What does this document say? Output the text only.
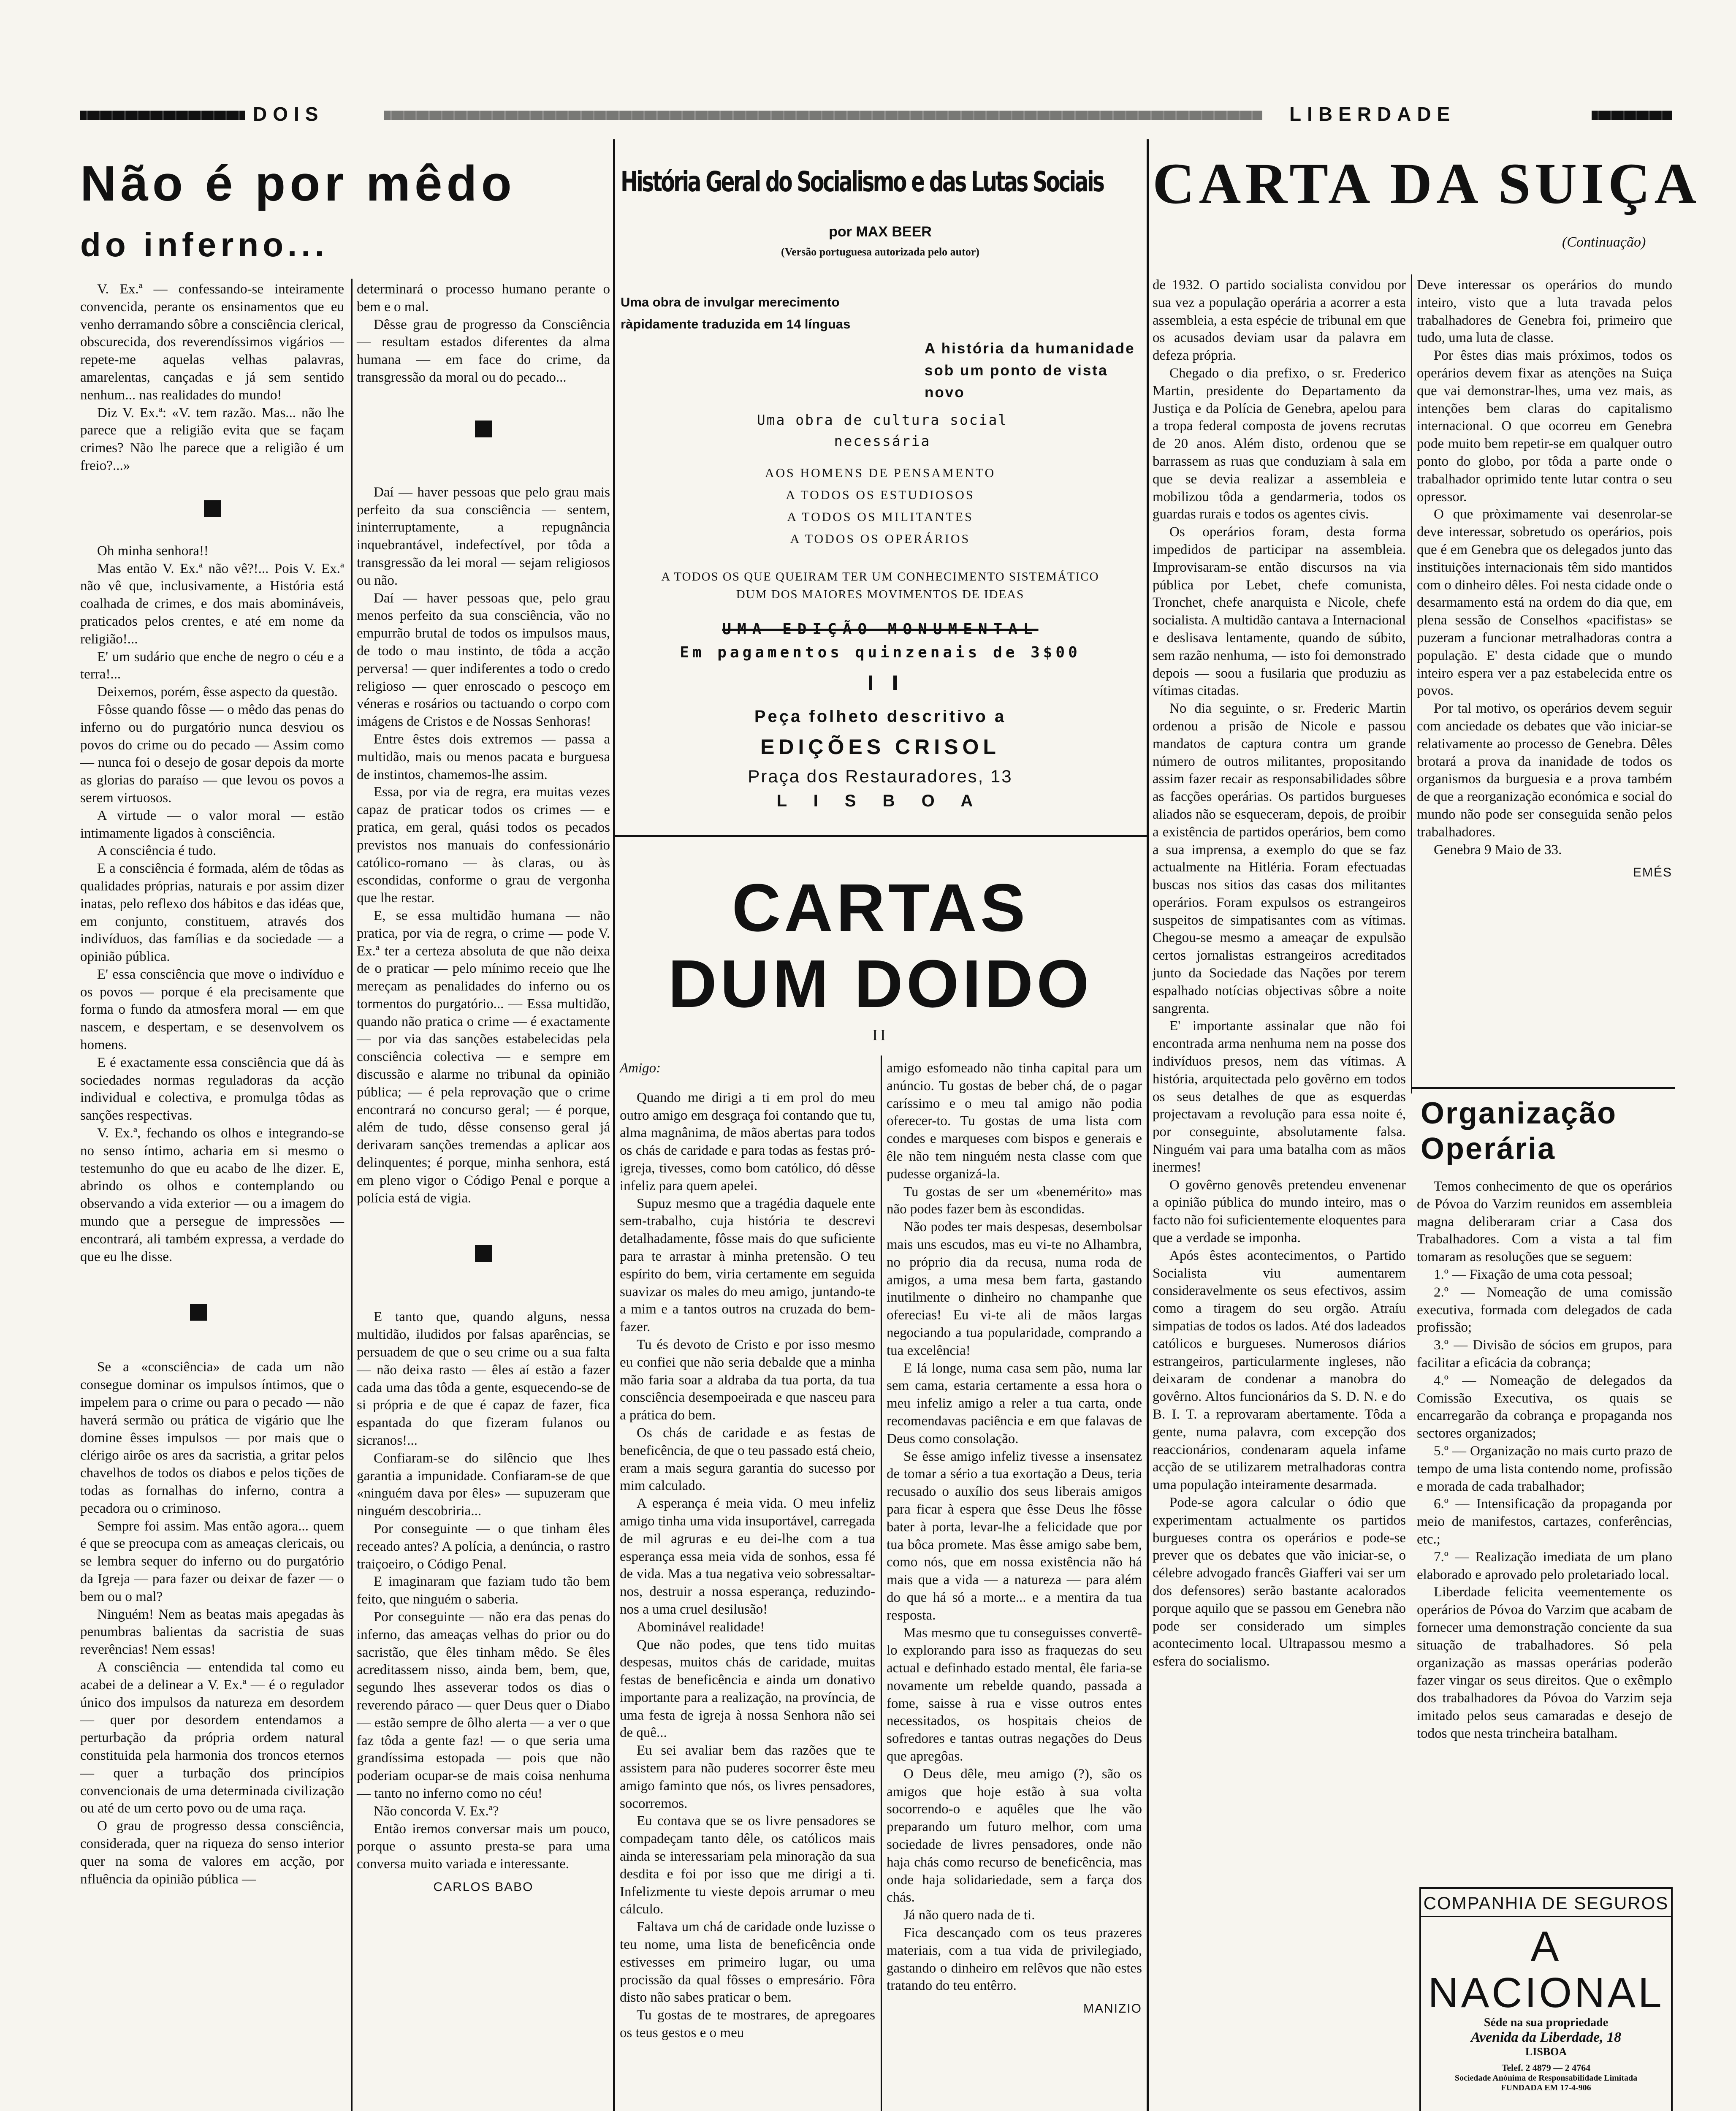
DOIS	LIBERDADE
Não é por mêdo
do inferno...

V. Ex.ª — confessando-se inteiramente convencida, perante os ensinamentos que eu venho derramando sôbre a consciência clerical, obscurecida, dos reverendíssimos vigários — repete-me aquelas velhas palavras, amarelentas, cançadas e já sem sentido nenhum... nas realidades do mundo!

Diz V. Ex.ª: «V. tem razão. Mas... não lhe parece que a religião evita que se façam crimes? Não lhe parece que a religião é um freio?...»

Oh minha senhora!!

Mas então V. Ex.ª não vê?!... Pois V. Ex.ª não vê que, inclusivamente, a História está coalhada de crimes, e dos mais abomináveis, praticados pelos crentes, e até em nome da religião!...

E' um sudário que enche de negro o céu e a terra!...

Deixemos, porém, êsse aspecto da questão.

Fôsse quando fôsse — o mêdo das penas do inferno ou do purgatório nunca desviou os povos do crime ou do pecado — Assim como — nunca foi o desejo de gosar depois da morte as glorias do paraíso — que levou os povos a serem virtuosos.

A virtude — o valor moral — estão intimamente ligados à consciência.

A consciência é tudo.

E a consciência é formada, além de tôdas as qualidades próprias, naturais e por assim dizer inatas, pelo reflexo dos hábitos e das idéas que, em conjunto, constituem, através dos indivíduos, das famílias e da sociedade — a opinião pública.

E' essa consciência que move o indivíduo e os povos — porque é ela precisamente que forma o fundo da atmosfera moral — em que nascem, e despertam, e se desenvolvem os homens.

E é exactamente essa consciência que dá às sociedades normas reguladoras da acção individual e colectiva, e promulga tôdas as sanções respectivas.

V. Ex.ª, fechando os olhos e integrando-se no senso íntimo, acharia em si mesmo o testemunho do que eu acabo de lhe dizer. E, abrindo os olhos e contemplando ou observando a vida exterior — ou a imagem do mundo que a persegue de impressões — encontrará, ali também expressa, a verdade do que eu lhe disse.

Se a «consciência» de cada um não consegue dominar os impulsos íntimos, que o impelem para o crime ou para o pecado — não haverá sermão ou prática de vigário que lhe domine êsses impulsos — por mais que o clérigo airôe os ares da sacristia, a gritar pelos chavelhos de todos os diabos e pelos tições de todas as fornalhas do inferno, contra a pecadora ou o criminoso.

Sempre foi assim. Mas então agora... quem é que se preocupa com as ameaças clericais, ou se lembra sequer do inferno ou do purgatório da Igreja — para fazer ou deixar de fazer — o bem ou o mal?

Ninguém! Nem as beatas mais apegadas às penumbras balientas da sacristia de suas reverências! Nem essas!

A consciência — entendida tal como eu acabei de a delinear a V. Ex.ª — é o regulador único dos impulsos da natureza em desordem — quer por desordem entendamos a perturbação da própria ordem natural constituida pela harmonia dos troncos eternos — quer a turbação dos princípios convencionais de uma determinada civilização ou até de um certo povo ou de uma raça.

O grau de progresso dessa consciência, considerada, quer na riqueza do senso interior quer na soma de valores em acção, por nfluência da opinião pública —

determinará o processo humano perante o bem e o mal.

Dêsse grau de progresso da Consciência — resultam estados diferentes da alma humana — em face do crime, da transgressão da moral ou do pecado...

Daí — haver pessoas que pelo grau mais perfeito da sua consciência — sentem, ininterruptamente, a repugnância inquebrantável, indefectível, por tôda a transgressão da lei moral — sejam religiosos ou não.

Daí — haver pessoas que, pelo grau menos perfeito da sua consciência, vão no empurrão brutal de todos os impulsos maus, de todo o mau instinto, de tôda a acção perversa! — quer indiferentes a todo o credo religioso — quer enroscado o pescoço em véneras e rosários ou tactuando o corpo com imágens de Cristos e de Nossas Senhoras!

Entre êstes dois extremos — passa a multidão, mais ou menos pacata e burguesa de instintos, chamemos-lhe assim.

Essa, por via de regra, era muitas vezes capaz de praticar todos os crimes — e pratica, em geral, quási todos os pecados previstos nos manuais do confessionário católico-romano — às claras, ou às escondidas, conforme o grau de vergonha que lhe restar.

E, se essa multidão humana — não pratica, por via de regra, o crime — pode V. Ex.ª ter a certeza absoluta de que não deixa de o praticar — pelo mínimo receio que lhe mereçam as penalidades do inferno ou os tormentos do purgatório... — Essa multidão, quando não pratica o crime — é exactamente — por via das sanções estabelecidas pela consciência colectiva — e sempre em discussão e alarme no tribunal da opinião pública; — é pela reprovação que o crime encontrará no concurso geral; — é porque, além de tudo, dêsse consenso geral já derivaram sanções tremendas a aplicar aos delinquentes; é porque, minha senhora, está em pleno vigor o Código Penal e porque a polícia está de vigia.

E tanto que, quando alguns, nessa multidão, iludidos por falsas aparências, se persuadem de que o seu crime ou a sua falta — não deixa rasto — êles aí estão a fazer cada uma das tôda a gente, esquecendo-se de si própria e de que é capaz de fazer, fica espantada do que fizeram fulanos ou sicranos!...

Confiaram-se do silêncio que lhes garantia a impunidade. Confiaram-se de que «ninguém dava por êles» — supuzeram que ninguém descobriria...

Por conseguinte — o que tinham êles receado antes? A polícia, a denúncia, o rastro traiçoeiro, o Código Penal.

E imaginaram que faziam tudo tão bem feito, que ninguém o saberia.

Por conseguinte — não era das penas do inferno, das ameaças velhas do prior ou do sacristão, que êles tinham mêdo. Se êles acreditassem nisso, ainda bem, bem, que, segundo lhes asseverar todos os dias o reverendo páraco — quer Deus quer o Diabo — estão sempre de ôlho alerta — a ver o que faz tôda a gente faz! — o que seria uma grandíssima estopada — pois que não poderiam ocupar-se de mais coisa nenhuma — tanto no inferno como no céu!

Não concorda V. Ex.ª?

Então iremos conversar mais um pouco, porque o assunto presta-se para uma conversa muito variada e interessante.

CARLOS BABO
História Geral do Socialismo e das Lutas Sociais
por MAX BEER
(Versão portuguesa autorizada pelo autor)
Uma obra de invulgar merecimento
ràpidamente traduzida em 14 línguas
A história da humanidade sob um ponto de vista novo
Uma obra de cultura social necessária
AOS HOMENS DE PENSAMENTO
A TODOS OS ESTUDIOSOS
A TODOS OS MILITANTES
A TODOS OS OPERÁRIOS
A TODOS OS QUE QUEIRAM TER UM CONHECIMENTO SISTEMÁTICO DUM DOS MAIORES MOVIMENTOS DE IDEAS
UMA EDIÇÃO MONUMENTAL
Em pagamentos quinzenais de 3$00
Peça folheto descritivo a
EDIÇÕES CRISOL
Praça dos Restauradores, 13
L I S B O A
CARTAS
DUM DOIDO
II

Amigo:

Quando me dirigi a ti em prol do meu outro amigo em desgraça foi contando que tu, alma magnânima, de mãos abertas para todos os chás de caridade e para todas as festas pró-igreja, tivesses, como bom católico, dó dêsse infeliz para quem apelei.

Supuz mesmo que a tragédia daquele ente sem-trabalho, cuja história te descrevi detalhadamente, fôsse mais do que suficiente para te arrastar à minha pretensão. O teu espírito do bem, viria certamente em seguida suavizar os males do meu amigo, juntando-te a mim e a tantos outros na cruzada do bem-fazer.

Tu és devoto de Cristo e por isso mesmo eu confiei que não seria debalde que a minha mão faria soar a aldraba da tua porta, da tua consciência desempoeirada e que nasceu para a prática do bem.

Os chás de caridade e as festas de beneficência, de que o teu passado está cheio, eram a mais segura garantia do sucesso por mim calculado.

A esperança é meia vida. O meu infeliz amigo tinha uma vida insuportável, carregada de mil agruras e eu dei-lhe com a tua esperança essa meia vida de sonhos, essa fé de vida. Mas a tua negativa veio sobressaltar-nos, destruir a nossa esperança, reduzindo-nos a uma cruel desilusão!

Abominável realidade!

Que não podes, que tens tido muitas despesas, muitos chás de caridade, muitas festas de beneficência e ainda um donativo importante para a realização, na província, de uma festa de igreja à nossa Senhora não sei de quê...

Eu sei avaliar bem das razões que te assistem para não puderes socorrer êste meu amigo faminto que nós, os livres pensadores, socorremos.

Eu contava que se os livre pensadores se compadeçam tanto dêle, os católicos mais ainda se interessariam pela minoração da sua desdita e foi por isso que me dirigi a ti. Infelizmente tu vieste depois arrumar o meu cálculo.

Faltava um chá de caridade onde luzisse o teu nome, uma lista de beneficência onde estivesses em primeiro lugar, ou uma procissão da qual fôsses o empresário. Fôra disto não sabes praticar o bem.

Tu gostas de te mostrares, de apregoares os teus gestos e o meu

amigo esfomeado não tinha capital para um anúncio. Tu gostas de beber chá, de o pagar caríssimo e o meu tal amigo não podia oferecer-to. Tu gostas de uma lista com condes e marqueses com bispos e generais e êle não tem ninguém nesta classe com que pudesse organizá-la.

Tu gostas de ser um «benemérito» mas não podes fazer bem às escondidas.

Não podes ter mais despesas, desembolsar mais uns escudos, mas eu vi-te no Alhambra, no próprio dia da recusa, numa roda de amigos, a uma mesa bem farta, gastando inutilmente o dinheiro no champanhe que oferecias! Eu vi-te ali de mãos largas negociando a tua popularidade, comprando a tua excelência!

E lá longe, numa casa sem pão, numa lar sem cama, estaria certamente a essa hora o meu infeliz amigo a reler a tua carta, onde recomendavas paciência e em que falavas de Deus como consolação.

Se êsse amigo infeliz tivesse a insensatez de tomar a sério a tua exortação a Deus, teria recusado o auxílio dos seus liberais amigos para ficar à espera que êsse Deus lhe fôsse bater à porta, levar-lhe a felicidade que por tua bôca promete. Mas êsse amigo sabe bem, como nós, que em nossa existência não há mais que a vida — a natureza — para além do que há só a morte... e a mentira da tua resposta.

Mas mesmo que tu conseguisses convertê-lo explorando para isso as fraquezas do seu actual e definhado estado mental, êle faria-se novamente um rebelde quando, passada a fome, saisse à rua e visse outros entes necessitados, os hospitais cheios de sofredores e tantas outras negações do Deus que apregôas.

O Deus dêle, meu amigo (?), são os amigos que hoje estão à sua volta socorrendo-o e aquêles que lhe vão preparando um futuro melhor, com uma sociedade de livres pensadores, onde não haja chás como recurso de beneficência, mas onde haja solidariedade, sem a farça dos chás.

Já não quero nada de ti.

Fica descançado com os teus prazeres materiais, com a tua vida de privilegiado, gastando o dinheiro em relêvos que não estes tratando do teu entêrro.

MANIZIO
CARTA DA SUIÇA
(Continuação)

de 1932. O partido socialista convidou por sua vez a população operária a acorrer a esta assembleia, a esta espécie de tribunal em que os acusados deviam usar da palavra em defeza própria.

Chegado o dia prefixo, o sr. Frederico Martin, presidente do Departamento da Justiça e da Polícia de Genebra, apelou para a tropa federal composta de jovens recrutas de 20 anos. Além disto, ordenou que se barrassem as ruas que conduziam à sala em que se devia realizar a assembleia e mobilizou tôda a gendarmeria, todos os guardas rurais e todos os agentes civis.

Os operários foram, desta forma impedidos de participar na assembleia. Improvisaram-se então discursos na via pública por Lebet, chefe comunista, Tronchet, chefe anarquista e Nicole, chefe socialista. A multidão cantava a Internacional e deslisava lentamente, quando de súbito, sem razão nenhuma, — isto foi demonstrado depois — soou a fusilaria que produziu as vítimas citadas.

No dia seguinte, o sr. Frederic Martin ordenou a prisão de Nicole e passou mandatos de captura contra um grande número de outros militantes, propositando assim fazer recair as responsabilidades sôbre as facções operárias. Os partidos burgueses aliados não se esqueceram, depois, de proibir a existência de partidos operários, bem como a sua imprensa, a exemplo do que se faz actualmente na Hitléria. Foram efectuadas buscas nos sitios das casas dos militantes operários. Foram expulsos os estrangeiros suspeitos de simpatisantes com as vítimas. Chegou-se mesmo a ameaçar de expulsão certos jornalistas estrangeiros acreditados junto da Sociedade das Nações por terem espalhado notícias objectivas sôbre a noite sangrenta.

E' importante assinalar que não foi encontrada arma nenhuma nem na posse dos indivíduos presos, nem das vítimas. A história, arquitectada pelo govêrno em todos os seus detalhes de que as esquerdas projectavam a revolução para essa noite é, por conseguinte, absolutamente falsa. Ninguém vai para uma batalha com as mãos inermes!

O govêrno genovês pretendeu envenenar a opinião pública do mundo inteiro, mas o facto não foi suficientemente eloquentes para que a verdade se imponha.

Após êstes acontecimentos, o Partido Socialista viu aumentarem consideravelmente os seus efectivos, assim como a tiragem do seu orgão. Atraíu simpatias de todos os lados. Até dos ladeados católicos e burgueses. Numerosos diários estrangeiros, particularmente ingleses, não deixaram de condenar a manobra do govêrno. Altos funcionários da S. D. N. e do B. I. T. a reprovaram abertamente. Tôda a gente, numa palavra, com excepção dos reaccionários, condenaram aquela infame acção de se utilizarem metralhadoras contra uma população inteiramente desarmada.

Pode-se agora calcular o ódio que experimentam actualmente os partidos burgueses contra os operários e pode-se prever que os debates que vão iniciar-se, o célebre advogado francês Giafferi vai ser um dos defensores) serão bastante acalorados porque aquilo que se passou em Genebra não pode ser considerado um simples acontecimento local. Ultrapassou mesmo a esfera do socialismo.

Deve interessar os operários do mundo inteiro, visto que a luta travada pelos trabalhadores de Genebra foi, primeiro que tudo, uma luta de classe.

Por êstes dias mais próximos, todos os operários devem fixar as atenções na Suiça que vai demonstrar-lhes, uma vez mais, as intenções bem claras do capitalismo internacional. O que ocorreu em Genebra pode muito bem repetir-se em qualquer outro ponto do globo, por tôda a parte onde o trabalhador oprimido tente lutar contra o seu opressor.

O que pròximamente vai desenrolar-se deve interessar, sobretudo os operários, pois que é em Genebra que os delegados junto das instituições internacionais têm sido mantidos com o dinheiro dêles. Foi nesta cidade onde o desarmamento está na ordem do dia que, em plena sessão de Conselhos «pacifistas» se puzeram a funcionar metralhadoras contra a população. E' desta cidade que o mundo inteiro espera ver a paz estabelecida entre os povos.

Por tal motivo, os operários devem seguir com anciedade os debates que vão iniciar-se relativamente ao processo de Genebra. Dêles brotará a prova da inanidade de todos os organismos da burguesia e a prova também de que a reorganização económica e social do mundo não pode ser conseguida senão pelos trabalhadores.

Genebra 9 Maio de 33.

EMÉS
Organização Operária

Temos conhecimento de que os operários de Póvoa do Varzim reunidos em assembleia magna deliberaram criar a Casa dos Trabalhadores. Com a vista a tal fim tomaram as resoluções que se seguem:

1.º — Fixação de uma cota pessoal;

2.º — Nomeação de uma comissão executiva, formada com delegados de cada profissão;

3.º — Divisão de sócios em grupos, para facilitar a eficácia da cobrança;

4.º — Nomeação de delegados da Comissão Executiva, os quais se encarregarão da cobrança e propaganda nos sectores organizados;

5.º — Organização no mais curto prazo de tempo de uma lista contendo nome, profissão e morada de cada trabalhador;

6.º — Intensificação da propaganda por meio de manifestos, cartazes, conferências, etc.;

7.º — Realização imediata de um plano elaborado e aprovado pelo proletariado local.

Liberdade felicita veementemente os operários de Póvoa do Varzim que acabam de fornecer uma demonstração conciente da sua situação de trabalhadores. Só pela organização as massas operárias poderão fazer vingar os seus direitos. Que o exêmplo dos trabalhadores da Póvoa do Varzim seja imitado pelos seus camaradas e desejo de todos que nesta trincheira batalham.

COMPANHIA DE SEGUROS
A NACIONAL
Séde na sua propriedade
Avenida da Liberdade, 18
LISBOA
Telef. 2 4879 — 2 4764
Sociedade Anónima de Responsabilidade Limitada
FUNDADA EM 17-4-906
